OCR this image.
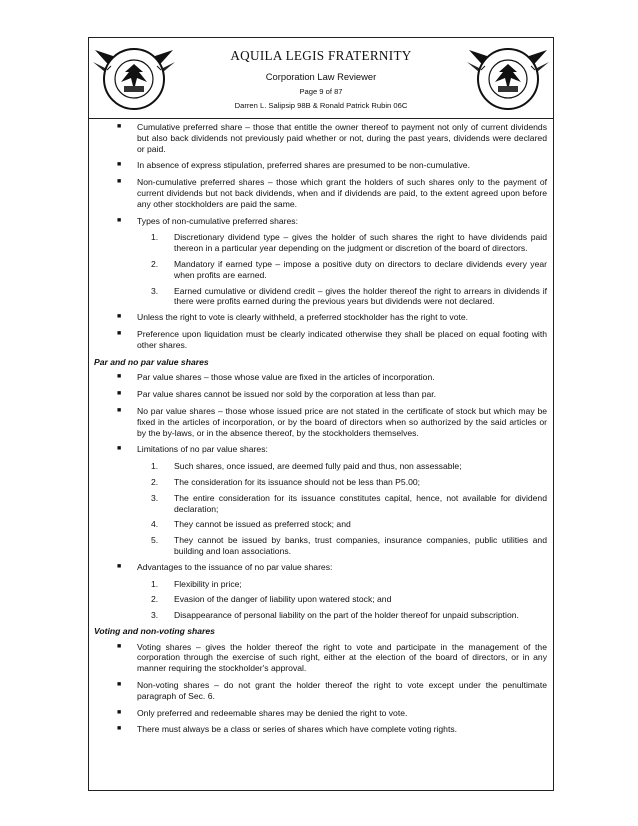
AQUILA LEGIS FRATERNITY
Corporation Law Reviewer
Page 9 of 87
Darren L. Salipsip 98B & Ronald Patrick Rubin 06C
■ Cumulative preferred share – those that entitle the owner thereof to payment not only of current dividends but also back dividends not previously paid whether or not, during the past years, dividends were declared or paid.
■ In absence of express stipulation, preferred shares are presumed to be non-cumulative.
■ Non-cumulative preferred shares – those which grant the holders of such shares only to the payment of current dividends but not back dividends, when and if dividends are paid, to the extent agreed upon before any other stockholders are paid the same.
■ Types of non-cumulative preferred shares:
1. Discretionary dividend type – gives the holder of such shares the right to have dividends paid thereon in a particular year depending on the judgment or discretion of the board of directors.
2. Mandatory if earned type – impose a positive duty on directors to declare dividends every year when profits are earned.
3. Earned cumulative or dividend credit – gives the holder thereof the right to arrears in dividends if there were profits earned during the previous years but dividends were not declared.
■ Unless the right to vote is clearly withheld, a preferred stockholder has the right to vote.
■ Preference upon liquidation must be clearly indicated otherwise they shall be placed on equal footing with other shares.
Par and no par value shares
■ Par value shares – those whose value are fixed in the articles of incorporation.
■ Par value shares cannot be issued nor sold by the corporation at less than par.
■ No par value shares – those whose issued price are not stated in the certificate of stock but which may be fixed in the articles of incorporation, or by the board of directors when so authorized by the said articles or by the by-laws, or in the absence thereof, by the stockholders themselves.
■ Limitations of no par value shares:
1. Such shares, once issued, are deemed fully paid and thus, non assessable;
2. The consideration for its issuance should not be less than P5.00;
3. The entire consideration for its issuance constitutes capital, hence, not available for dividend declaration;
4. They cannot be issued as preferred stock; and
5. They cannot be issued by banks, trust companies, insurance companies, public utilities and building and loan associations.
■ Advantages to the issuance of no par value shares:
1. Flexibility in price;
2. Evasion of the danger of liability upon watered stock; and
3. Disappearance of personal liability on the part of the holder thereof for unpaid subscription.
Voting and non-voting shares
■ Voting shares – gives the holder thereof the right to vote and participate in the management of the corporation through the exercise of such right, either at the election of the board of directors, or in any manner requiring the stockholder's approval.
■ Non-voting shares – do not grant the holder thereof the right to vote except under the penultimate paragraph of Sec. 6.
■ Only preferred and redeemable shares may be denied the right to vote.
■ There must always be a class or series of shares which have complete voting rights.
